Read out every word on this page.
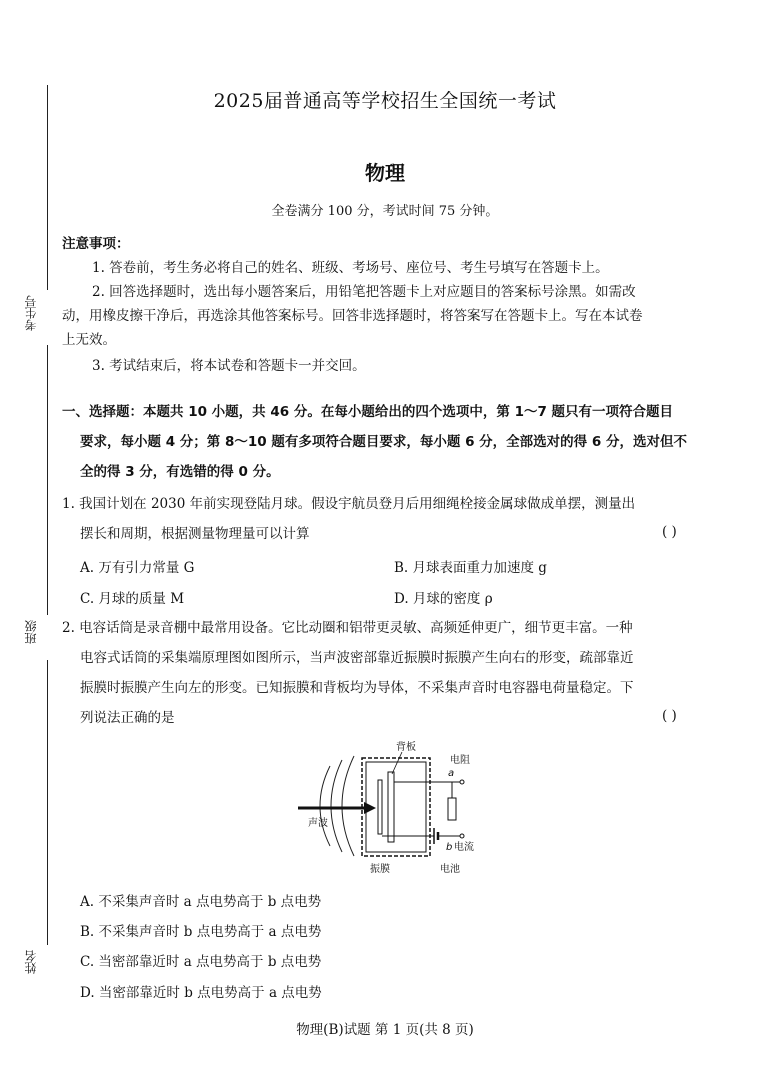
考生号
班级
姓名
2025届普通高等学校招生全国统一考试
物理
全卷满分 100 分，考试时间 75 分钟。
注意事项：
1. 答卷前，考生务必将自己的姓名、班级、考场号、座位号、考生号填写在答题卡上。
2. 回答选择题时，选出每小题答案后，用铅笔把答题卡上对应题目的答案标号涂黑。如需改
动，用橡皮擦干净后，再选涂其他答案标号。回答非选择题时，将答案写在答题卡上。写在本试卷
上无效。
3. 考试结束后，将本试卷和答题卡一并交回。
一、选择题：本题共 10 小题，共 46 分。在每小题给出的四个选项中，第 1～7 题只有一项符合题目
要求，每小题 4 分；第 8～10 题有多项符合题目要求，每小题 6 分，全部选对的得 6 分，选对但不
全的得 3 分，有选错的得 0 分。
1. 我国计划在 2030 年前实现登陆月球。假设宇航员登月后用细绳栓接金属球做成单摆，测量出
摆长和周期，根据测量物理量可以计算	( )
A. 万有引力常量 G	B. 月球表面重力加速度 g
C. 月球的质量 M	D. 月球的密度 ρ
2. 电容话筒是录音棚中最常用设备。它比动圈和铝带更灵敏、高频延伸更广，细节更丰富。一种
电容式话筒的采集端原理图如图所示，当声波密部靠近振膜时振膜产生向右的形变，疏部靠近
振膜时振膜产生向左的形变。已知振膜和背板均为导体，不采集声音时电容器电荷量稳定。下
列说法正确的是	( )
声波
背板
a
电阻
b 电流
振膜	电池
A. 不采集声音时 a 点电势高于 b 点电势
B. 不采集声音时 b 点电势高于 a 点电势
C. 当密部靠近时 a 点电势高于 b 点电势
D. 当密部靠近时 b 点电势高于 a 点电势
物理(B)试题 第 1 页(共 8 页)
